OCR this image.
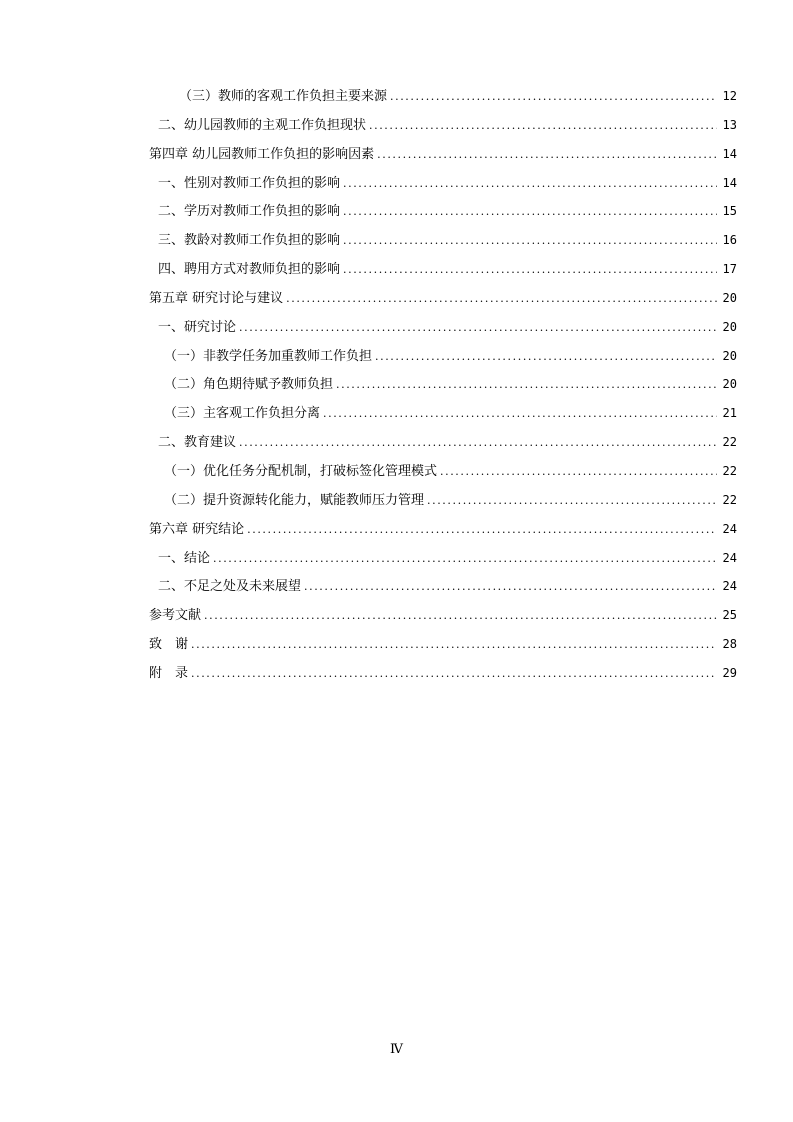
（三）教师的客观工作负担主要来源 .....	12
二、幼儿园教师的主观工作负担现状 .....	13
第四章 幼儿园教师工作负担的影响因素 .....	14
一、性别对教师工作负担的影响 .....	14
二、学历对教师工作负担的影响 .....	15
三、教龄对教师工作负担的影响 .....	16
四、聘用方式对教师负担的影响 .....	17
第五章 研究讨论与建议 .....	20
一、研究讨论 .....	20
（一）非教学任务加重教师工作负担 .....	20
（二）角色期待赋予教师负担 .....	20
（三）主客观工作负担分离 .....	21
二、教育建议 .....	22
（一）优化任务分配机制，打破标签化管理模式 .....	22
（二）提升资源转化能力，赋能教师压力管理 .....	22
第六章 研究结论 .....	24
一、结论 .....	24
二、不足之处及未来展望 .....	24
参考文献 .....	25
致　谢 .....	28
附　录 .....	29
Ⅳ
